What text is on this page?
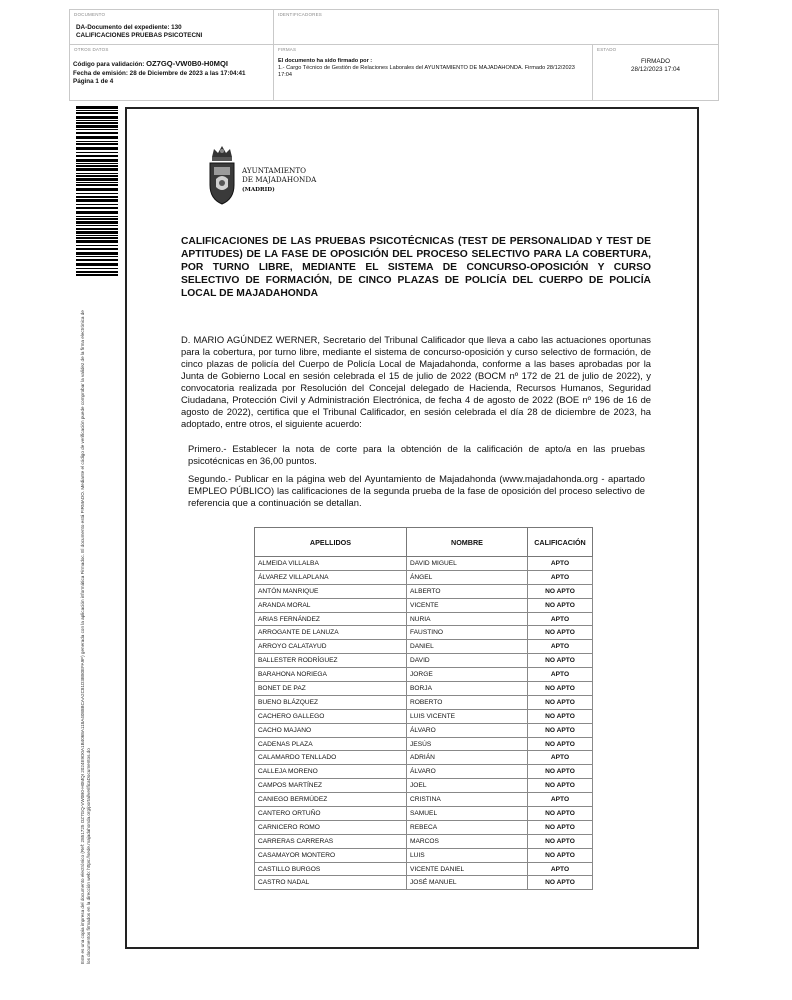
DOCUMENTO
DA-Documento del expediente: 130
CALIFICACIONES PRUEBAS PSICOTECNI
IDENTIFICADORES
OTROS DATOS
Código para validación: OZ7GQ-VW0B0-H0MQI
Fecha de emisión: 28 de Diciembre de 2023 a las 17:04:41
Página 1 de 4
FIRMAS
El documento ha sido firmado por :
1.- Cargo Técnico de Gestión de Relaciones Laborales del AYUNTAMIENTO DE MAJADAHONDA. Firmado 28/12/2023
17:04
ESTADO
FIRMADO
28/12/2023 17:04
Este es una copia impresa del documento electrónico (Ref: 2851725 OZ7GQ-VW0B0-H0MQI 2024E9D0A1B4068A118A4088BCAA2C81D3B80EFA9F) generada con la aplicación informática Firmadoc. El documento está FIRMADO. Mediante el código de verificación puede comprobar la validez de la firma electrónica de los documentos firmados en la dirección web: https://sede.majadahonda.org/portal/verificaDocumentos.do
AYUNTAMIENTO
DE MAJADAHONDA
(MADRID)
CALIFICACIONES DE LAS PRUEBAS PSICOTÉCNICAS (TEST DE PERSONALIDAD Y TEST DE APTITUDES) DE LA FASE DE OPOSICIÓN DEL PROCESO SELECTIVO PARA LA COBERTURA, POR TURNO LIBRE, MEDIANTE EL SISTEMA DE CONCURSO-OPOSICIÓN Y CURSO SELECTIVO DE FORMACIÓN, DE CINCO PLAZAS DE POLICÍA DEL CUERPO DE POLICÍA LOCAL DE MAJADAHONDA
D. MARIO AGÚNDEZ WERNER, Secretario del Tribunal Calificador que lleva a cabo las actuaciones oportunas para la cobertura, por turno libre, mediante el sistema de concurso-oposición y curso selectivo de formación, de cinco plazas de policía del Cuerpo de Policía Local de Majadahonda, conforme a las bases aprobadas por la Junta de Gobierno Local en sesión celebrada el 15 de julio de 2022 (BOCM nº 172 de 21 de julio de 2022), y convocatoria realizada por Resolución del Concejal delegado de Hacienda, Recursos Humanos, Seguridad Ciudadana, Protección Civil y Administración Electrónica, de fecha 4 de agosto de 2022 (BOE nº 196 de 16 de agosto de 2022), certifica que el Tribunal Calificador, en sesión celebrada el día 28 de diciembre de 2023, ha adoptado, entre otros, el siguiente acuerdo:
Primero.- Establecer la nota de corte para la obtención de la calificación de apto/a en las pruebas psicotécnicas en 36,00 puntos.
Segundo.- Publicar en la página web del Ayuntamiento de Majadahonda (www.majadahonda.org - apartado EMPLEO PÚBLICO) las calificaciones de la segunda prueba de la fase de oposición del proceso selectivo de referencia que a continuación se detallan.
APELLIDOS	NOMBRE	CALIFICACIÓN
ALMEIDA VILLALBA	DAVID MIGUEL	APTO
ÁLVAREZ VILLAPLANA	ÁNGEL	APTO
ANTÓN MANRIQUE	ALBERTO	NO APTO
ARANDA MORAL	VICENTE	NO APTO
ARIAS FERNÁNDEZ	NURIA	APTO
ARROGANTE DE LANUZA	FAUSTINO	NO APTO
ARROYO CALATAYUD	DANIEL	APTO
BALLESTER RODRÍGUEZ	DAVID	NO APTO
BARAHONA NORIEGA	JORGE	APTO
BONET DE PAZ	BORJA	NO APTO
BUENO BLÁZQUEZ	ROBERTO	NO APTO
CACHERO GALLEGO	LUIS VICENTE	NO APTO
CACHO MAJANO	ÁLVARO	NO APTO
CADENAS PLAZA	JESÚS	NO APTO
CALAMARDO TENLLADO	ADRIÁN	APTO
CALLEJA MORENO	ÁLVARO	NO APTO
CAMPOS MARTÍNEZ	JOEL	NO APTO
CANIEGO BERMÚDEZ	CRISTINA	APTO
CANTERO ORTUÑO	SAMUEL	NO APTO
CARNICERO ROMO	REBECA	NO APTO
CARRERAS CARRERAS	MARCOS	NO APTO
CASAMAYOR MONTERO	LUIS	NO APTO
CASTILLO BURGOS	VICENTE DANIEL	APTO
CASTRO NADAL	JOSÉ MANUEL	NO APTO
